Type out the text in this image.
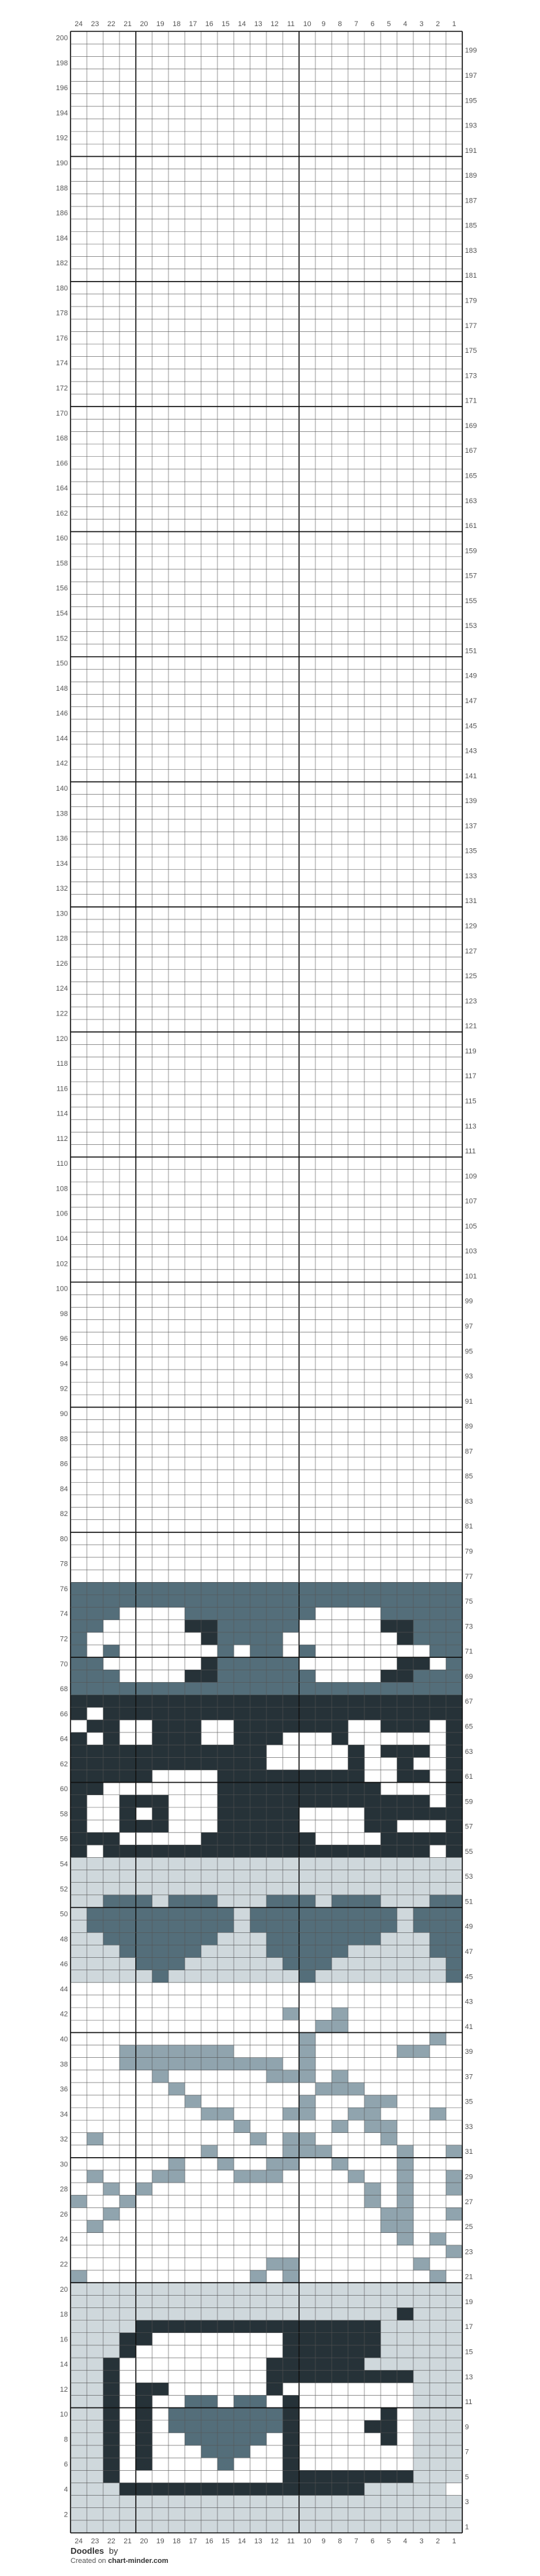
24
24
23
23
22
22
21
21
20
20
19
19
18
18
17
17
16
16
15
15
14
14
13
13
12
12
11
11
10
10
9
9
8
8
7
7
6
6
5
5
4
4
3
3
2
2
1
1
1
2
3
4
5
6
7
8
9
10
11
12
13
14
15
16
17
18
19
20
21
22
23
24
25
26
27
28
29
30
31
32
33
34
35
36
37
38
39
40
41
42
43
44
45
46
47
48
49
50
51
52
53
54
55
56
57
58
59
60
61
62
63
64
65
66
67
68
69
70
71
72
73
74
75
76
77
78
79
80
81
82
83
84
85
86
87
88
89
90
91
92
93
94
95
96
97
98
99
100
101
102
103
104
105
106
107
108
109
110
111
112
113
114
115
116
117
118
119
120
121
122
123
124
125
126
127
128
129
130
131
132
133
134
135
136
137
138
139
140
141
142
143
144
145
146
147
148
149
150
151
152
153
154
155
156
157
158
159
160
161
162
163
164
165
166
167
168
169
170
171
172
173
174
175
176
177
178
179
180
181
182
183
184
185
186
187
188
189
190
191
192
193
194
195
196
197
198
199
200
Doodles by
Created on chart-minder.com
